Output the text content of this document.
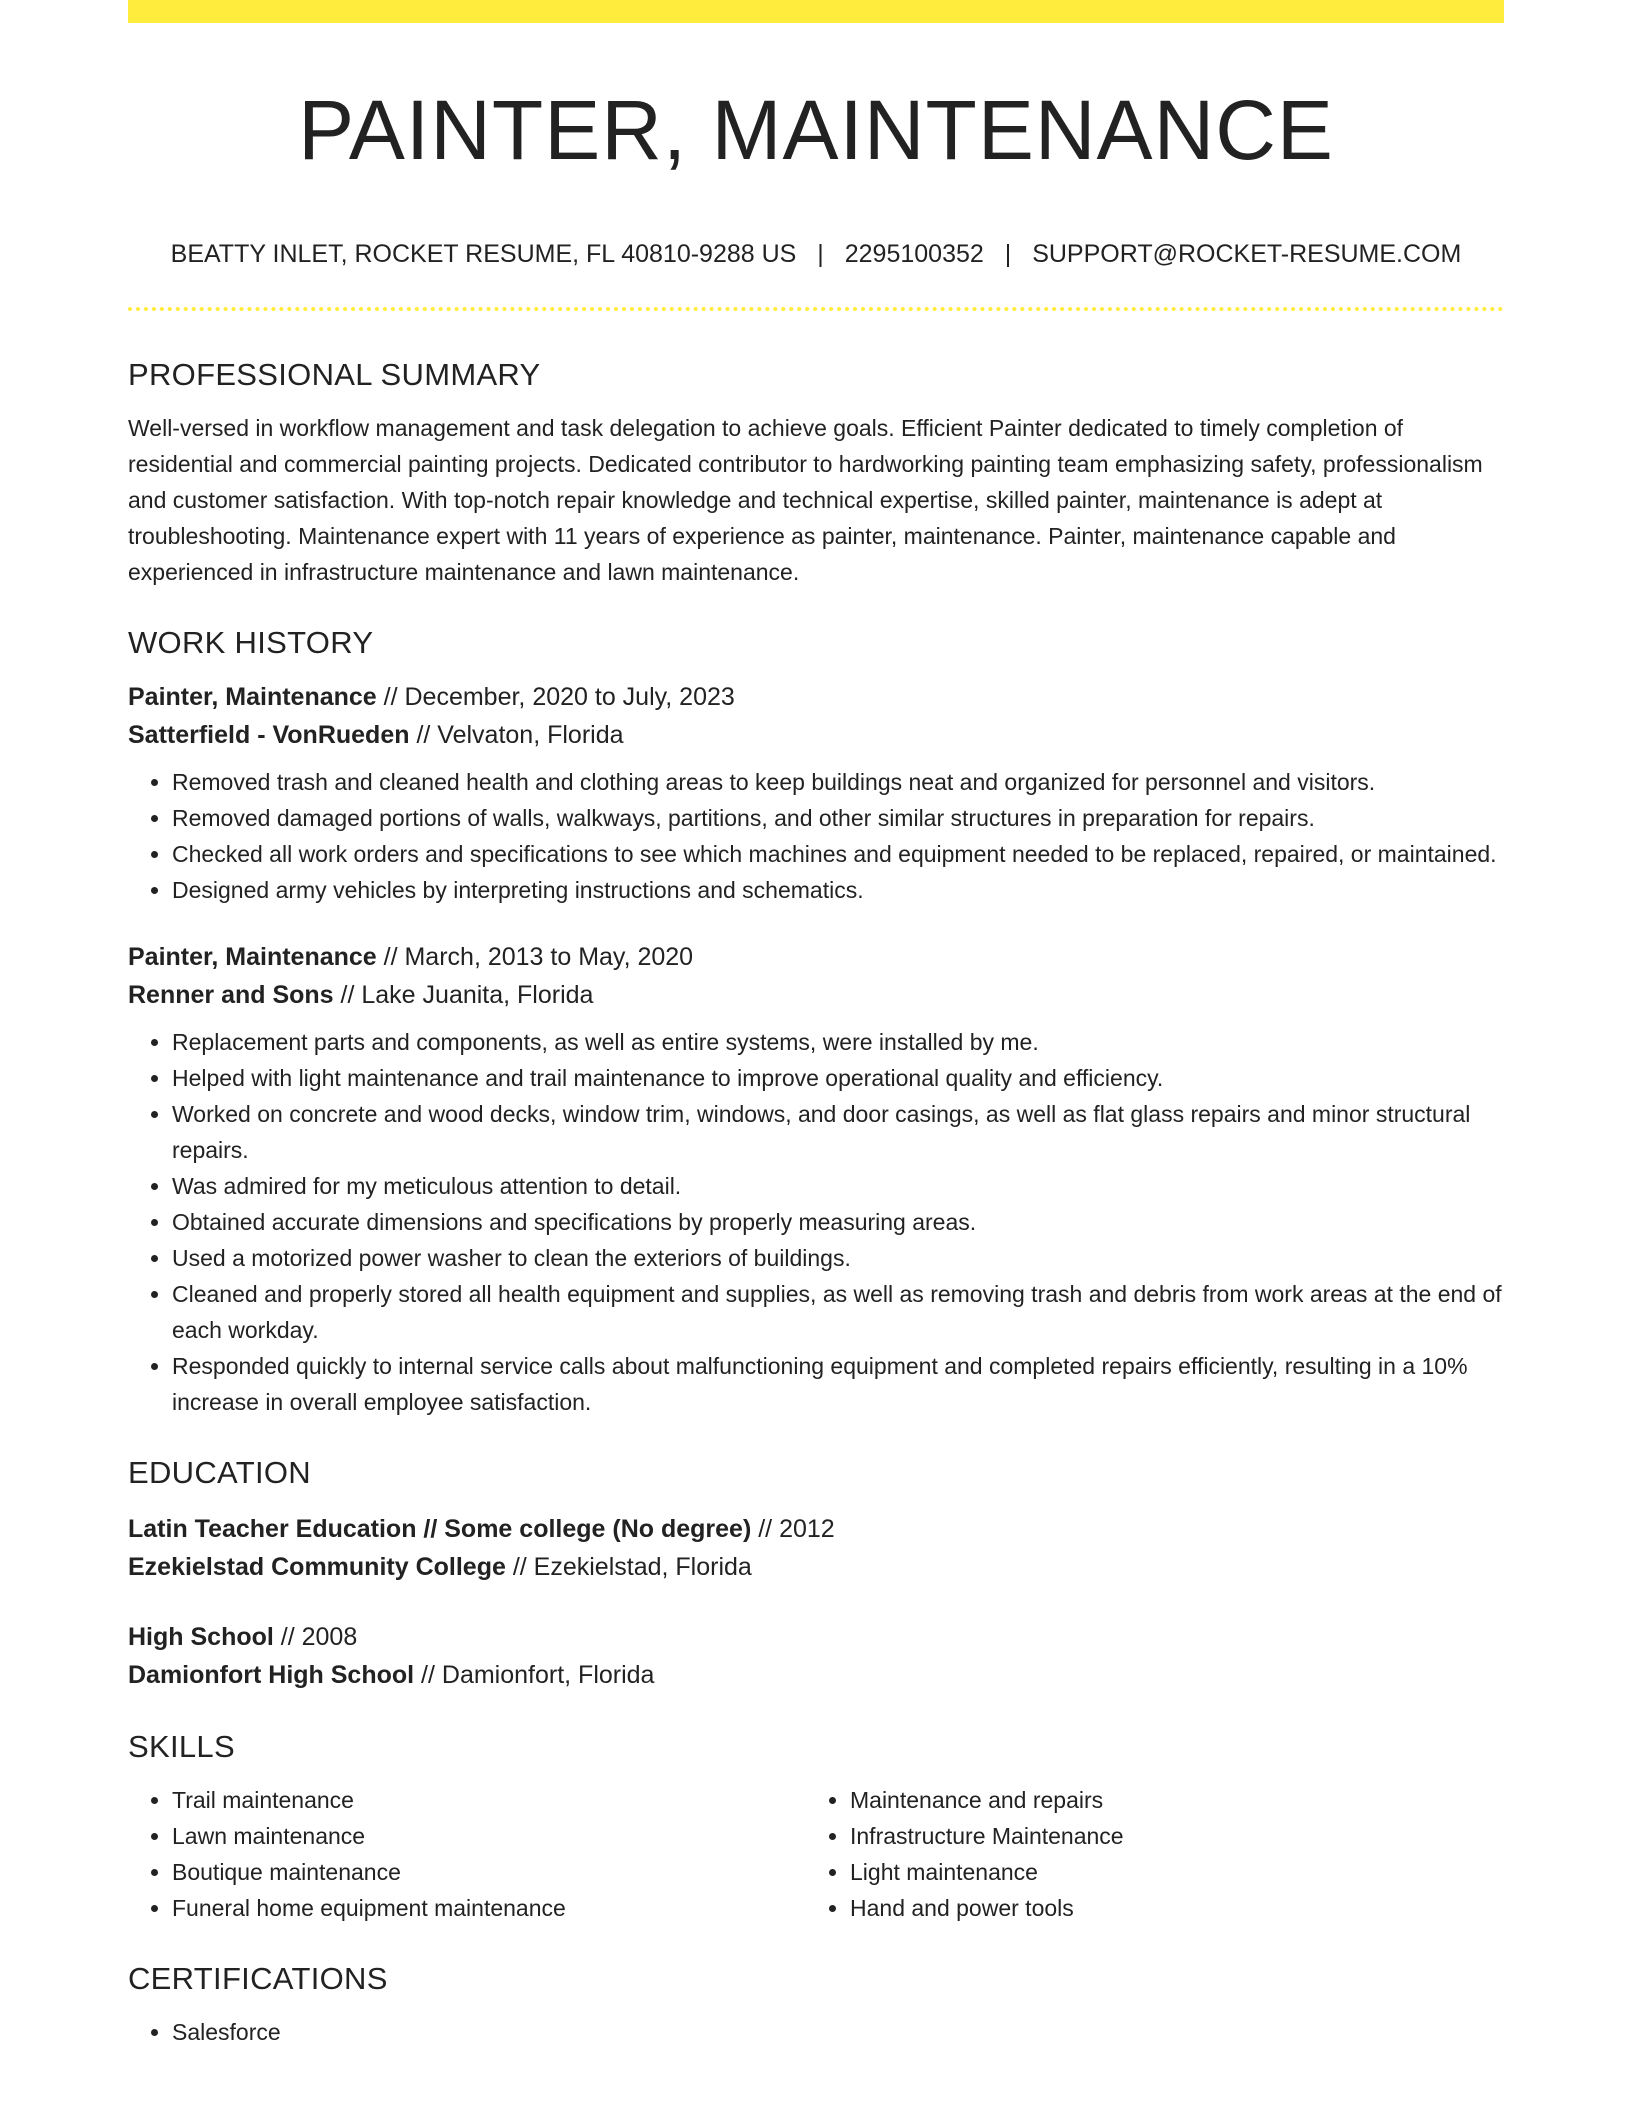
PAINTER, MAINTENANCE
BEATTY INLET, ROCKET RESUME, FL 40810-9288 US | 2295100352 | SUPPORT@ROCKET-RESUME.COM
PROFESSIONAL SUMMARY

Well-versed in workflow management and task delegation to achieve goals. Efficient Painter dedicated to timely completion of residential and commercial painting projects. Dedicated contributor to hardworking painting team emphasizing safety, professionalism and customer satisfaction. With top-notch repair knowledge and technical expertise, skilled painter, maintenance is adept at troubleshooting. Maintenance expert with 11 years of experience as painter, maintenance. Painter, maintenance capable and experienced in infrastructure maintenance and lawn maintenance.

WORK HISTORY
Painter, Maintenance // December, 2020 to July, 2023
Satterfield - VonRueden // Velvaton, Florida
• Removed trash and cleaned health and clothing areas to keep buildings neat and organized for personnel and visitors.
• Removed damaged portions of walls, walkways, partitions, and other similar structures in preparation for repairs.
• Checked all work orders and specifications to see which machines and equipment needed to be replaced, repaired, or maintained.
• Designed army vehicles by interpreting instructions and schematics.
Painter, Maintenance // March, 2013 to May, 2020
Renner and Sons // Lake Juanita, Florida
• Replacement parts and components, as well as entire systems, were installed by me.
• Helped with light maintenance and trail maintenance to improve operational quality and efficiency.
• Worked on concrete and wood decks, window trim, windows, and door casings, as well as flat glass repairs and minor structural repairs.
• Was admired for my meticulous attention to detail.
• Obtained accurate dimensions and specifications by properly measuring areas.
• Used a motorized power washer to clean the exteriors of buildings.
• Cleaned and properly stored all health equipment and supplies, as well as removing trash and debris from work areas at the end of each workday.
• Responded quickly to internal service calls about malfunctioning equipment and completed repairs efficiently, resulting in a 10% increase in overall employee satisfaction.
EDUCATION
Latin Teacher Education // Some college (No degree) // 2012
Ezekielstad Community College // Ezekielstad, Florida
High School // 2008
Damionfort High School // Damionfort, Florida
SKILLS
• Trail maintenance
• Lawn maintenance
• Boutique maintenance
• Funeral home equipment maintenance
• Maintenance and repairs
• Infrastructure Maintenance
• Light maintenance
• Hand and power tools
CERTIFICATIONS
• Salesforce
